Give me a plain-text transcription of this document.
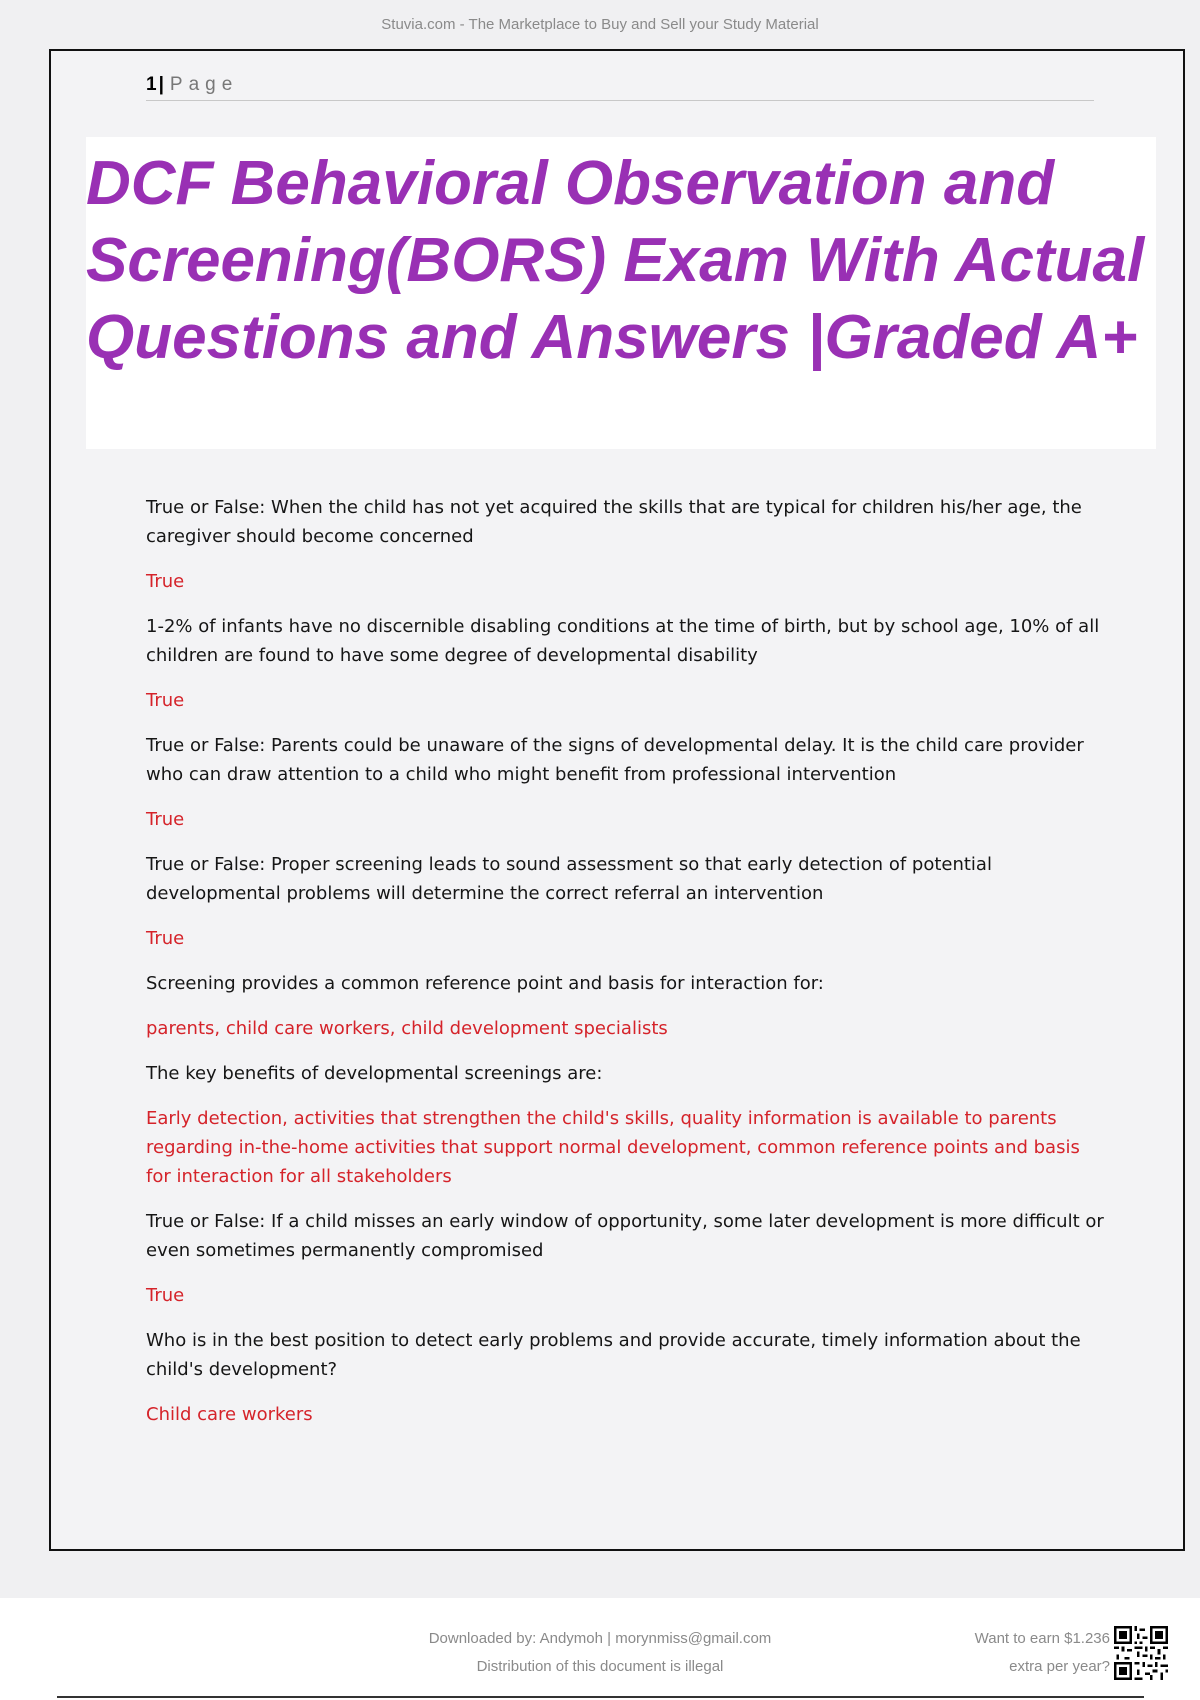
Stuvia.com - The Marketplace to Buy and Sell your Study Material
1 | Page
DCF Behavioral Observation and Screening(BORS) Exam With Actual Questions and Answers |Graded A+

True or False: When the child has not yet acquired the skills that are typical for children his/her age, the caregiver should become concerned

True

1-2% of infants have no discernible disabling conditions at the time of birth, but by school age, 10% of all children are found to have some degree of developmental disability

True

True or False: Parents could be unaware of the signs of developmental delay. It is the child care provider who can draw attention to a child who might benefit from professional intervention

True

True or False: Proper screening leads to sound assessment so that early detection of potential developmental problems will determine the correct referral an intervention

True

Screening provides a common reference point and basis for interaction for:

parents, child care workers, child development specialists

The key benefits of developmental screenings are:

Early detection, activities that strengthen the child's skills, quality information is available to parents regarding in-the-home activities that support normal development, common reference points and basis for interaction for all stakeholders

True or False: If a child misses an early window of opportunity, some later development is more difficult or even sometimes permanently compromised

True

Who is in the best position to detect early problems and provide accurate, timely information about the child's development?

Child care workers

Downloaded by: Andymoh | morynmiss@gmail.com
Distribution of this document is illegal
Want to earn $1.236
extra per year?
